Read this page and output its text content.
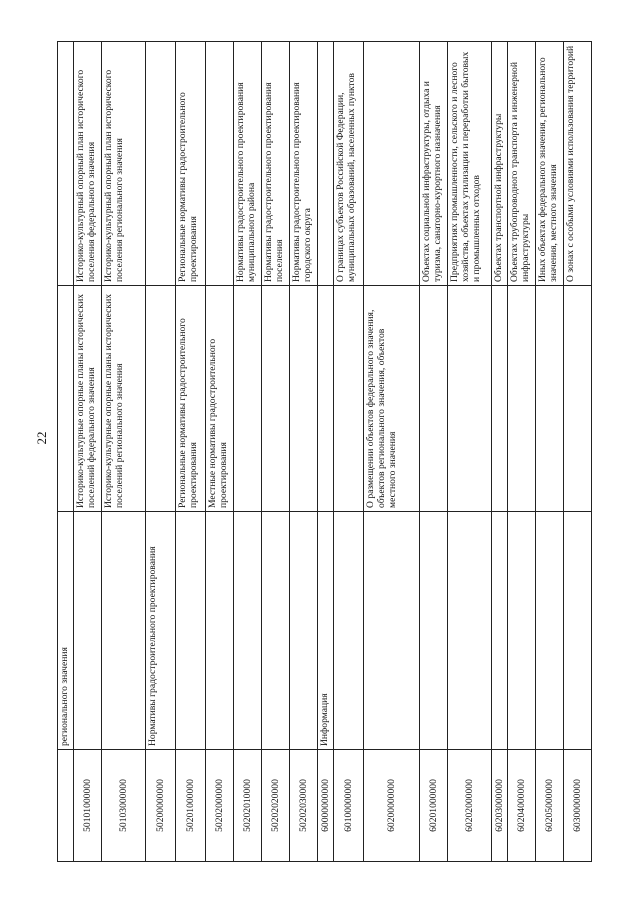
22
	регионального значения		
50101000000		Историко-культурные опорные планы исторических поселений федерального значения	Историко-культурный опорный план исторического поселения федерального значения
50103000000		Историко-культурные опорные планы исторических поселений регионального значения	Историко-культурный опорный план исторического поселения регионального значения
50200000000	Нормативы градостроительного проектирования		
50201000000		Региональные нормативы градостроительного проектирования	Региональные нормативы градостроительного проектирования
50202000000		Местные нормативы градостроительного проектирования	
50202010000			Нормативы градостроительного проектирования муниципального района
50202020000			Нормативы градостроительного проектирования поселения
50202030000			Нормативы градостроительного проектирования городского округа
60000000000	Информация		
60100000000			О границах субъектов Российской Федерации, муниципальных образований, населенных пунктов
60200000000		О размещении объектов федерального значения, объектов регионального значения, объектов местного значения	
60201000000			Объектах социальной инфраструктуры, отдыха и туризма, санаторно-курортного назначения
60202000000			Предприятиях промышленности, сельского и лесного хозяйства, объектах утилизации и переработки бытовых и промышленных отходов
60203000000			Объектах транспортной инфраструктуры
60204000000			Объектах трубопроводного транспорта и инженерной инфраструктуры
60205000000			Иных объектах федерального значения, регионального значения, местного значения
60300000000			О зонах с особыми условиями использования территорий
